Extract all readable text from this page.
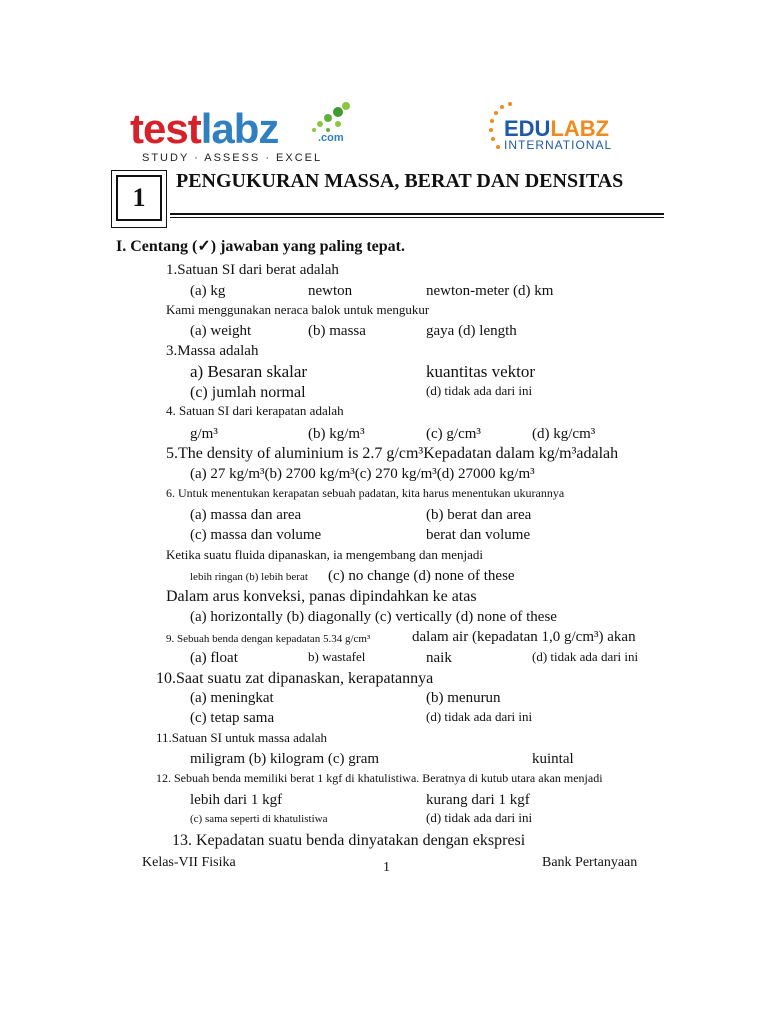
testlabz	.com
STUDY · ASSESS · EXCEL
EDULABZ
INTERNATIONAL
1
PENGUKURAN MASSA, BERAT DAN DENSITAS
I. Centang (✓) jawaban yang paling tepat.
1.Satuan SI dari berat adalah
(a) kg	newton	newton-meter (d) km
Kami menggunakan neraca balok untuk mengukur
(a) weight	(b) massa	gaya (d) length
3.Massa adalah
a) Besaran skalar	kuantitas vektor
(c) jumlah normal	(d) tidak ada dari ini
4. Satuan SI dari kerapatan adalah
g/m³	(b) kg/m³	(c) g/cm³	(d) kg/cm³
5.The density of aluminium is 2.7 g/cm³Kepadatan dalam kg/m³adalah
(a) 27 kg/m³(b) 2700 kg/m³(c) 270 kg/m³(d) 27000 kg/m³
6. Untuk menentukan kerapatan sebuah padatan, kita harus menentukan ukurannya
(a) massa dan area	(b) berat dan area
(c) massa dan volume	berat dan volume
Ketika suatu fluida dipanaskan, ia mengembang dan menjadi
lebih ringan (b) lebih berat (c) no change (d) none of these
Dalam arus konveksi, panas dipindahkan ke atas
(a) horizontally (b) diagonally (c) vertically (d) none of these
9. Sebuah benda dengan kepadatan 5.34 g/cm³	dalam air (kepadatan 1,0 g/cm³) akan
(a) float	b) wastafel	naik	(d) tidak ada dari ini
10.Saat suatu zat dipanaskan, kerapatannya
(a) meningkat	(b) menurun
(c) tetap sama	(d) tidak ada dari ini
11.Satuan SI untuk massa adalah
miligram (b) kilogram (c) gram	kuintal
12. Sebuah benda memiliki berat 1 kgf di khatulistiwa. Beratnya di kutub utara akan menjadi
lebih dari 1 kgf	kurang dari 1 kgf
(c) sama seperti di khatulistiwa	(d) tidak ada dari ini
13. Kepadatan suatu benda dinyatakan dengan ekspresi
Kelas-VII Fisika	1	Bank Pertanyaan
